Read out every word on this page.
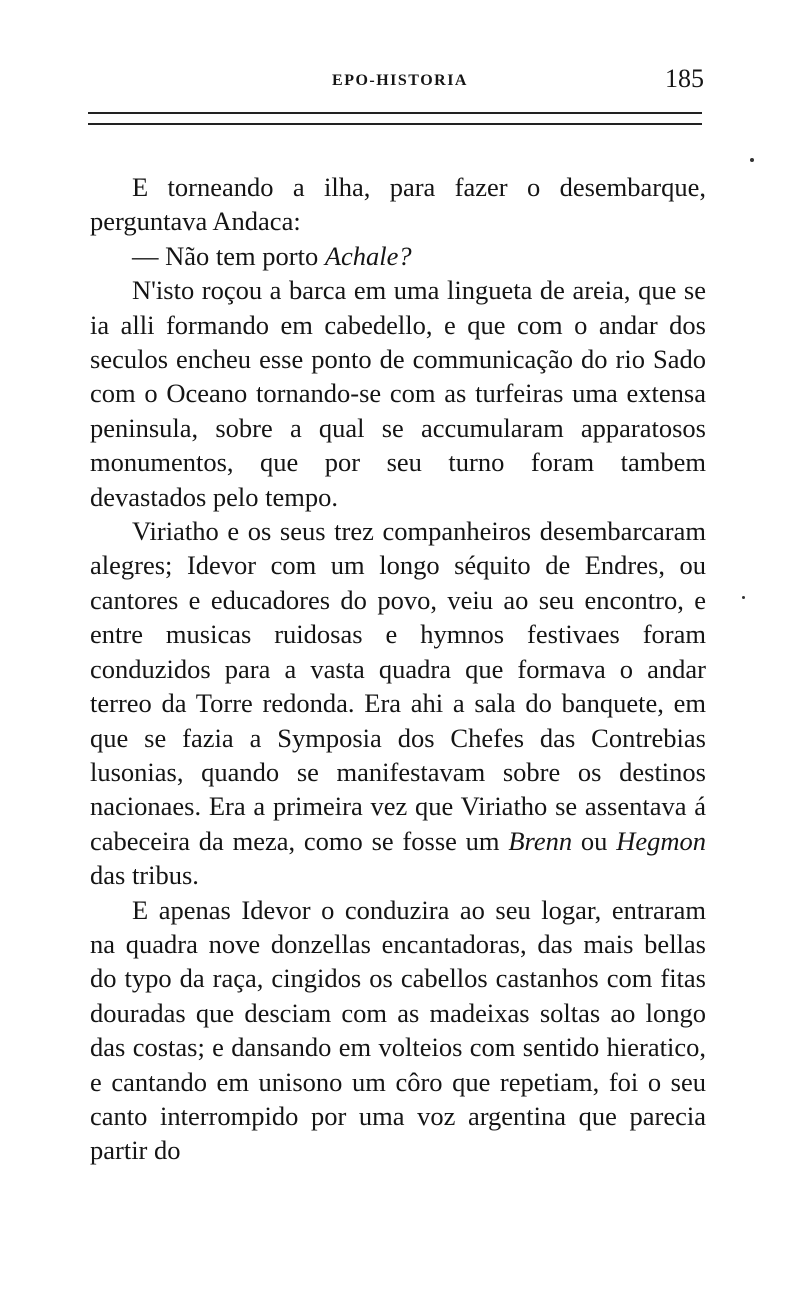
EPO-HISTORIA	185

E torneando a ilha, para fazer o desembarque, perguntava Andaca:

— Não tem porto Achale?

N'isto roçou a barca em uma lingueta de areia, que se ia alli formando em cabedello, e que com o andar dos seculos encheu esse ponto de communicação do rio Sado com o Oceano tornando-se com as turfeiras uma extensa peninsula, sobre a qual se accumularam apparatosos monumentos, que por seu turno foram tambem devastados pelo tempo.

Viriatho e os seus trez companheiros desembarcaram alegres; Idevor com um longo séquito de Endres, ou cantores e educadores do povo, veiu ao seu encontro, e entre musicas ruidosas e hymnos festivaes foram conduzidos para a vasta quadra que formava o andar terreo da Torre redonda. Era ahi a sala do banquete, em que se fazia a Symposia dos Chefes das Contrebias lusonias, quando se manifestavam sobre os destinos nacionaes. Era a primeira vez que Viriatho se assentava á cabeceira da meza, como se fosse um Brenn ou Hegmon das tribus.

E apenas Idevor o conduzira ao seu logar, entraram na quadra nove donzellas encantadoras, das mais bellas do typo da raça, cingidos os cabellos castanhos com fitas douradas que desciam com as madeixas soltas ao longo das costas; e dansando em volteios com sentido hieratico, e cantando em unisono um côro que repetiam, foi o seu canto interrompido por uma voz argentina que parecia partir do
